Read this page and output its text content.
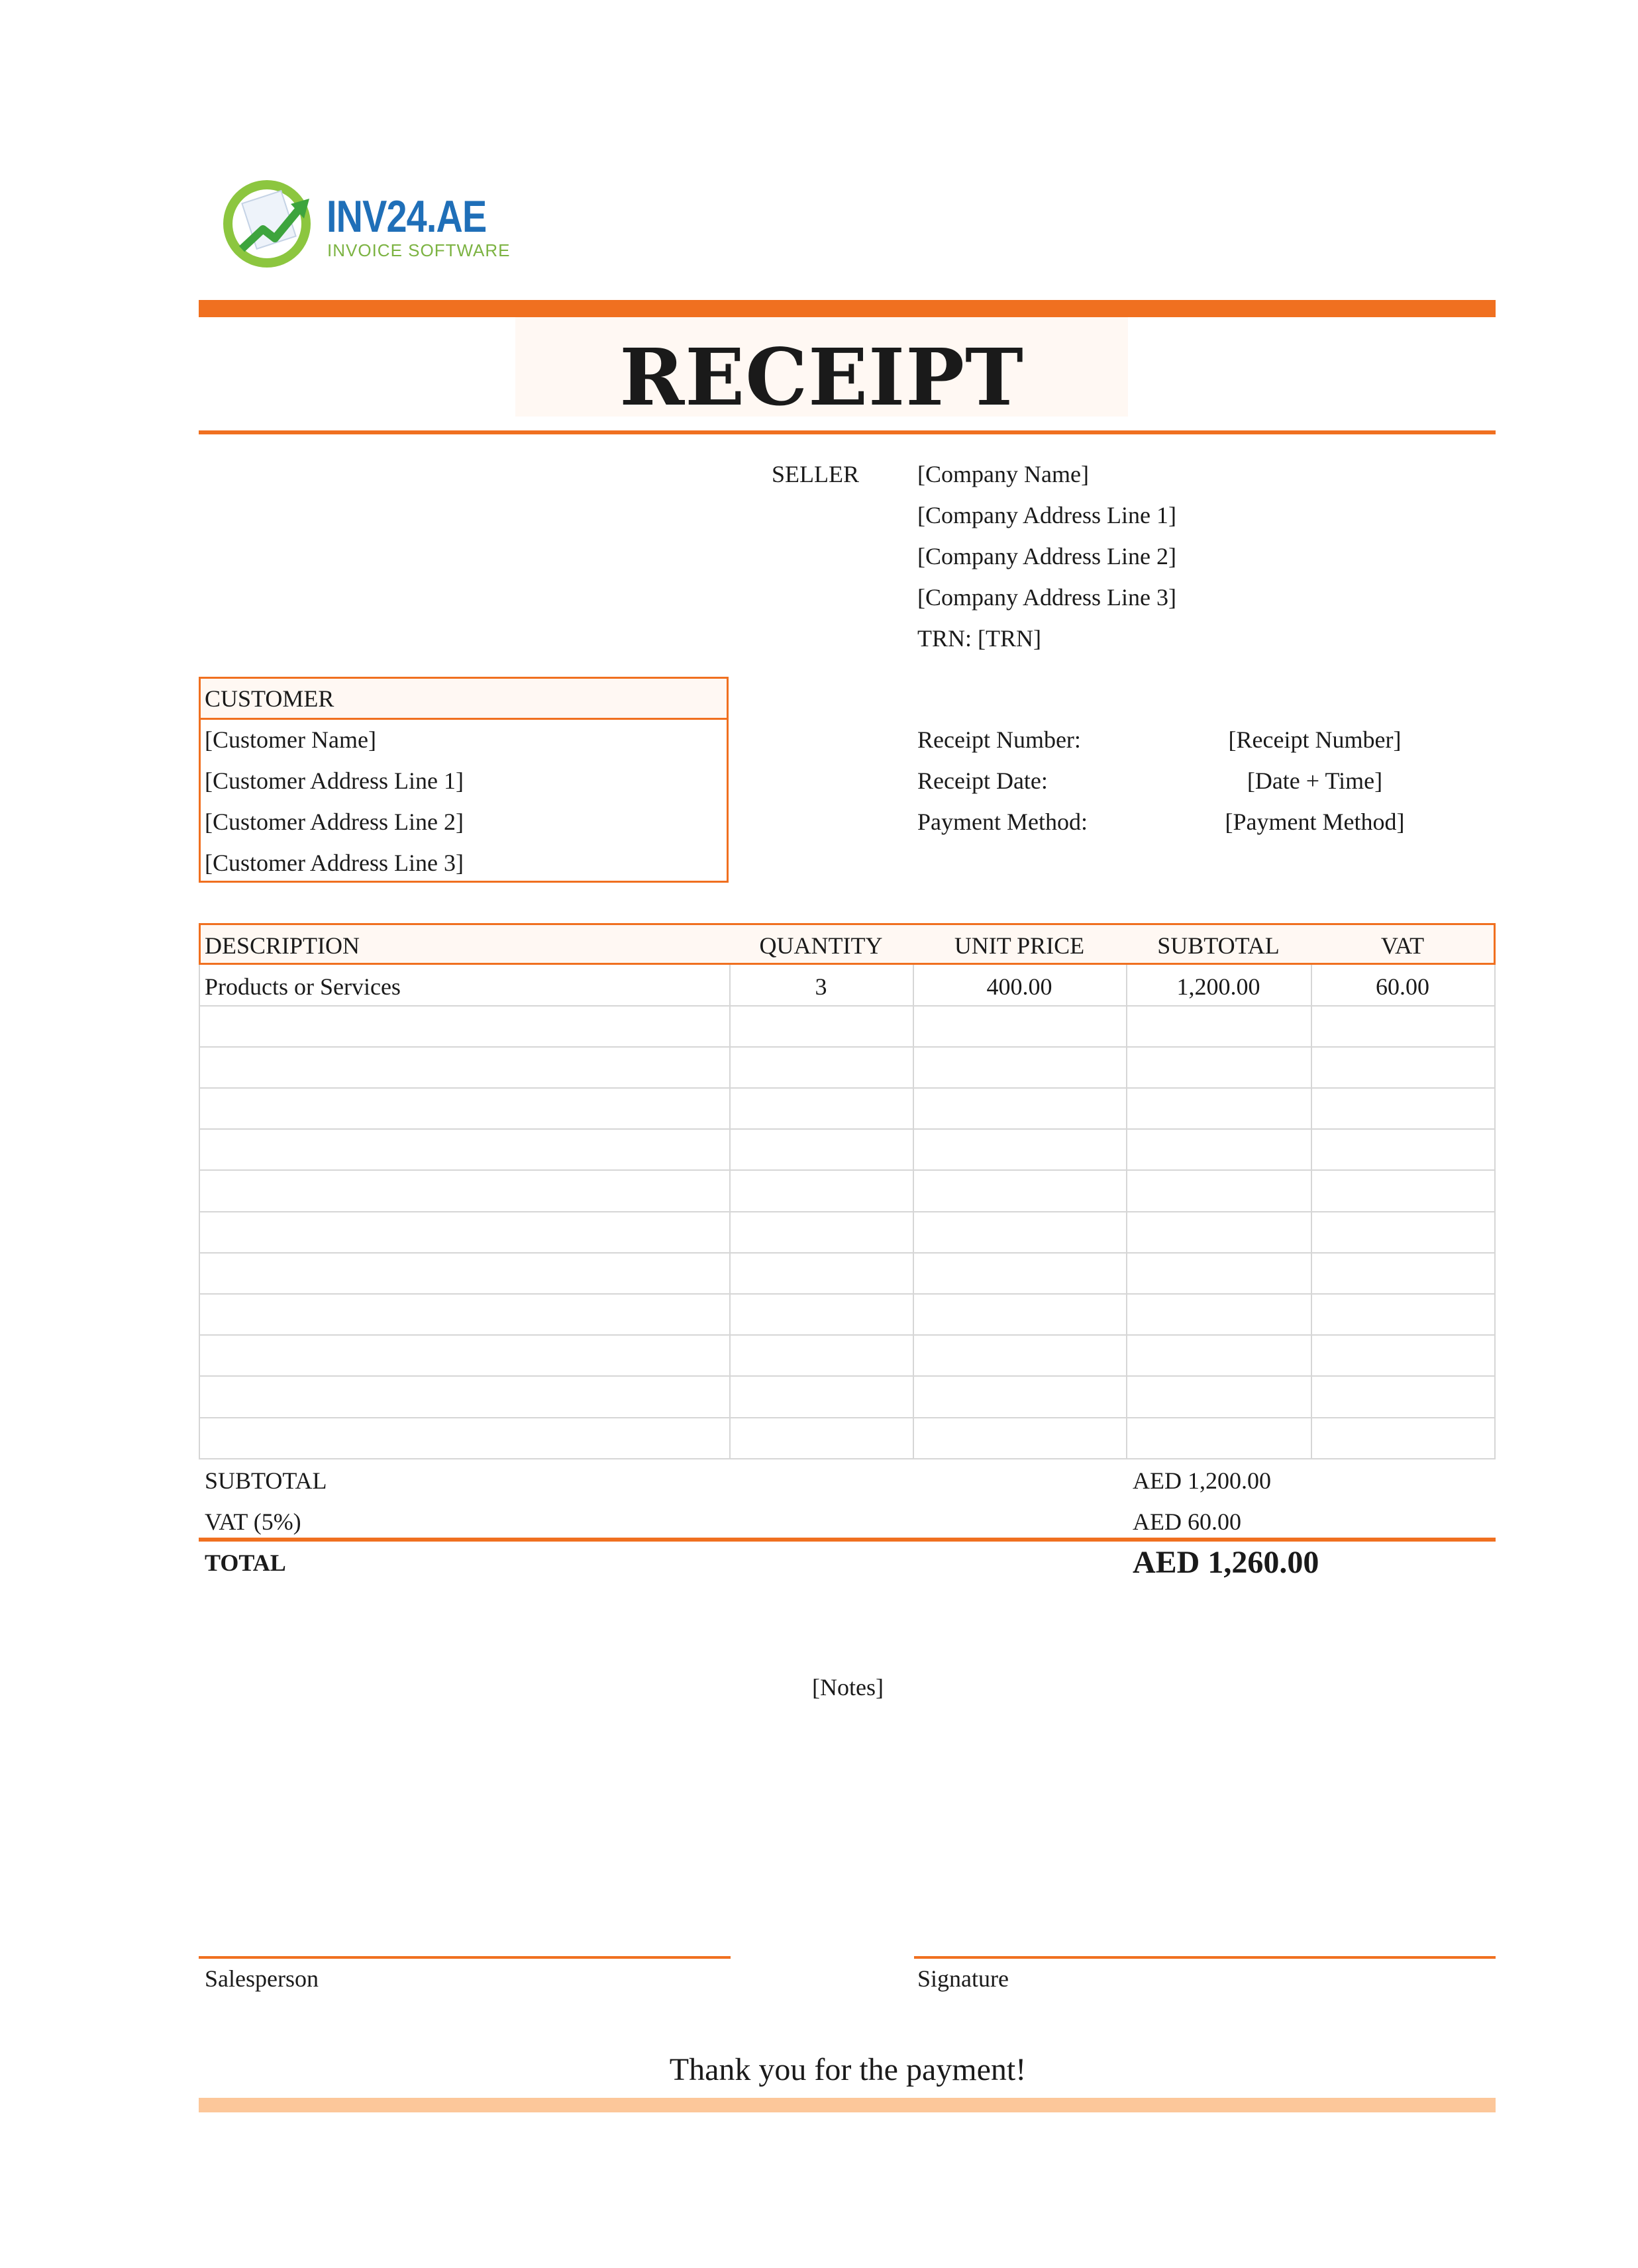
INV24.AE
INVOICE SOFTWARE
RECEIPT
SELLER [Company Name]
[Company Address Line 1]
[Company Address Line 2]
[Company Address Line 3]
TRN: [TRN]
CUSTOMER
[Customer Name]
[Customer Address Line 1]
[Customer Address Line 2]
[Customer Address Line 3]
Receipt Number:	[Receipt Number]
Receipt Date:	[Date + Time]
Payment Method:	[Payment Method]
DESCRIPTION	QUANTITY	UNIT PRICE	SUBTOTAL	VAT
Products or Services	3	400.00	1,200.00	60.00
SUBTOTAL	AED 1,200.00
VAT (5%)	AED 60.00
TOTAL	AED 1,260.00
[Notes]
Salesperson	Signature
Thank you for the payment!
